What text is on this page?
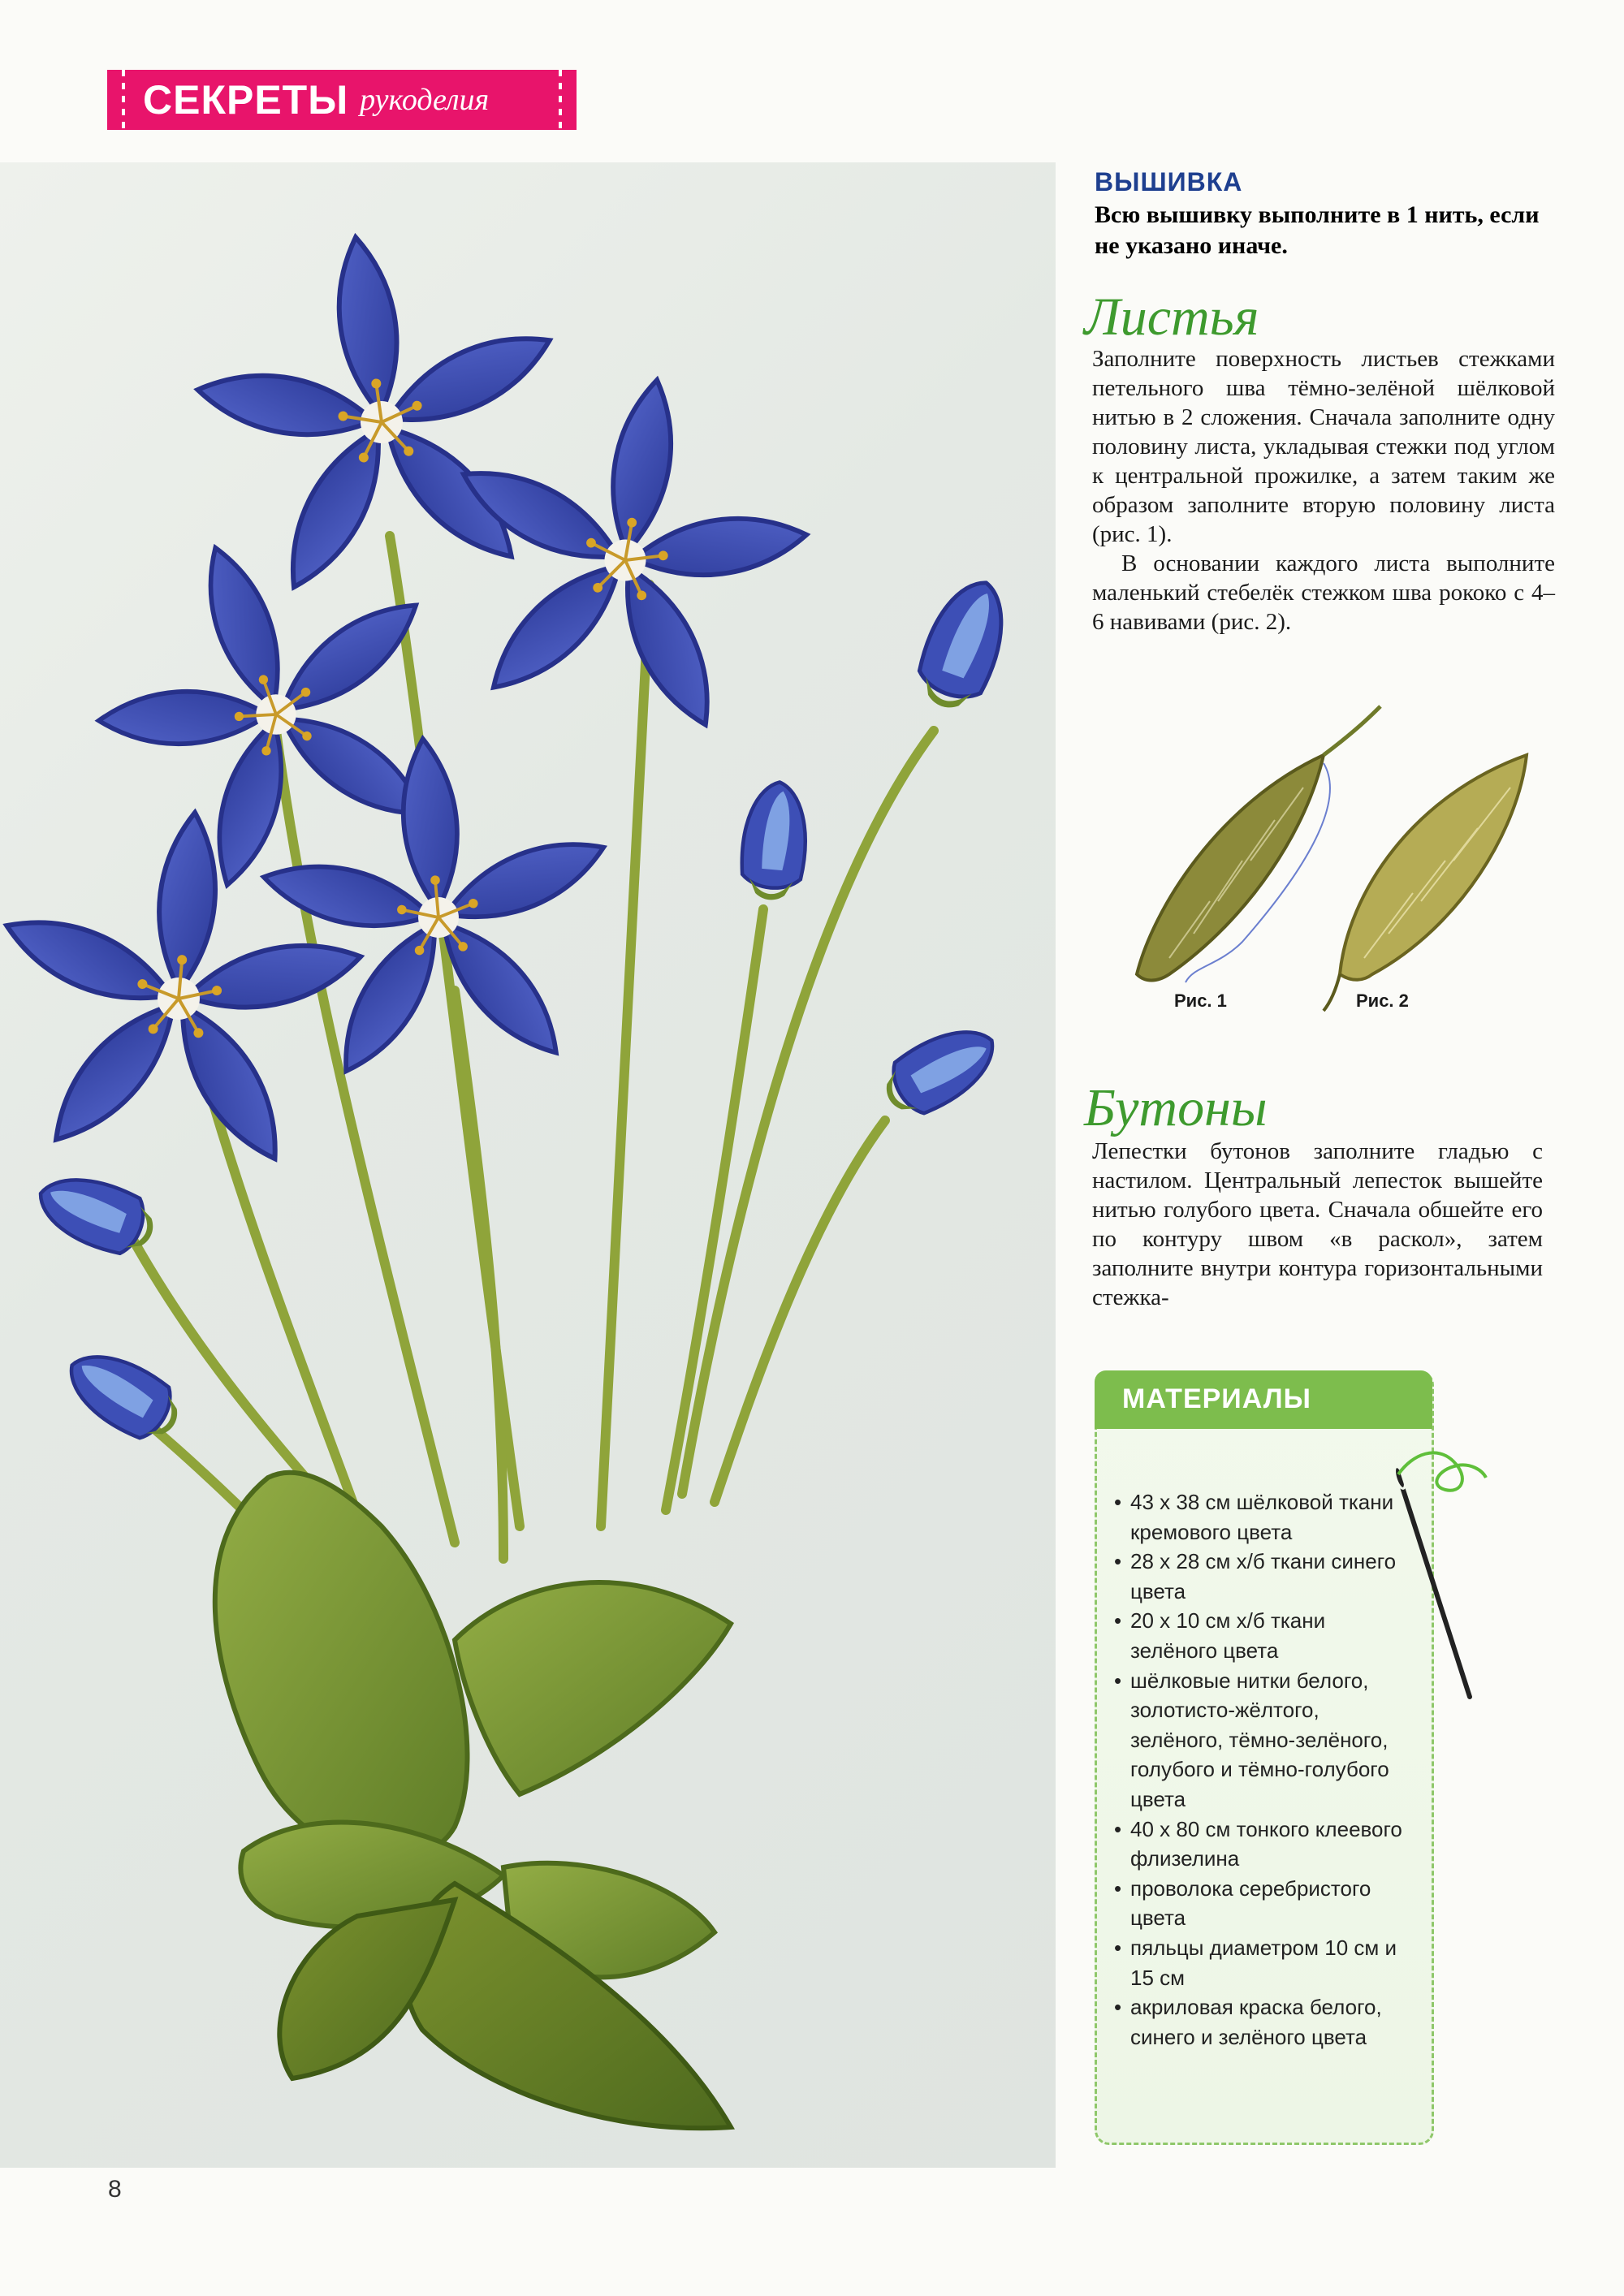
СЕКРЕТЫ рукоделия
ВЫШИВКА
Всю вышивку выполните в 1 нить, если не указано иначе.
Листья

Заполните поверхность листьев стежками петельного шва тёмно-зелёной шёлковой нитью в 2 сложения. Сначала заполните одну половину листа, укладывая стежки под углом к центральной прожилке, а затем таким же образом заполните вторую половину листа (рис. 1).

В основании каждого листа выполните маленький стебелёк стежком шва рококо с 4–6 навивами (рис. 2).

Рис. 1	Рис. 2
Бутоны

Лепестки бутонов заполните гладью с настилом. Центральный лепесток вышейте нитью голубого цвета. Сначала обшейте его по контуру швом «в раскол», затем заполните внутри контура горизонтальными стежка-

МАТЕРИАЛЫ
• 43 х 38 см шёлковой ткани кремового цвета
• 28 х 28 см х/б ткани синего цвета
• 20 х 10 см х/б ткани зелёного цвета
• шёлковые нитки белого, золотисто-жёлтого, зелёного, тёмно-зелёного, голубого и тёмно-голубого цвета
• 40 х 80 см тонкого клеевого флизелина
• проволока серебристого цвета
• пяльцы диаметром 10 см и 15 см
• акриловая краска белого, синего и зелёного цвета
8
